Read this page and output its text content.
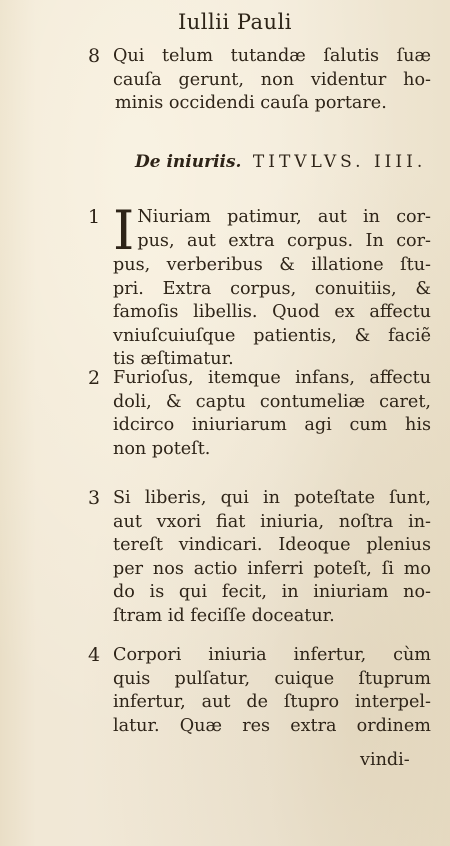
Iullii Pauli
8 Qui telum tutandæ ſalutis ſuæ
cauſa gerunt, non videntur ho-
minis occidendi cauſa portare.
De iniuriis. TITVLVS. IIII.
1 I Niuriam patimur, aut in cor-
pus, aut extra corpus. In cor-
pus, verberibus & illatione ſtu-
pri. Extra corpus, conuitiis, &
famoſis libellis. Quod ex affectu
vniuſcuiuſque patientis, & faciẽ
tis æſtimatur.
2 Furioſus, itemque infans, affectu
doli, & captu contumeliæ caret,
idcirco iniuriarum agi cum his
non poteſt.
3 Si liberis, qui in poteſtate ſunt,
aut vxori fiat iniuria, noſtra in-
tereſt vindicari. Ideoque plenius
per nos actio inferri poteſt, ſi mo
do is qui fecit, in iniuriam no-
ſtram id feciſſe doceatur.
4 Corpori iniuria infertur, cùm
quis pulſatur, cuique ſtuprum
infertur, aut de ſtupro interpel-
latur. Quæ res extra ordinem
vindi-
